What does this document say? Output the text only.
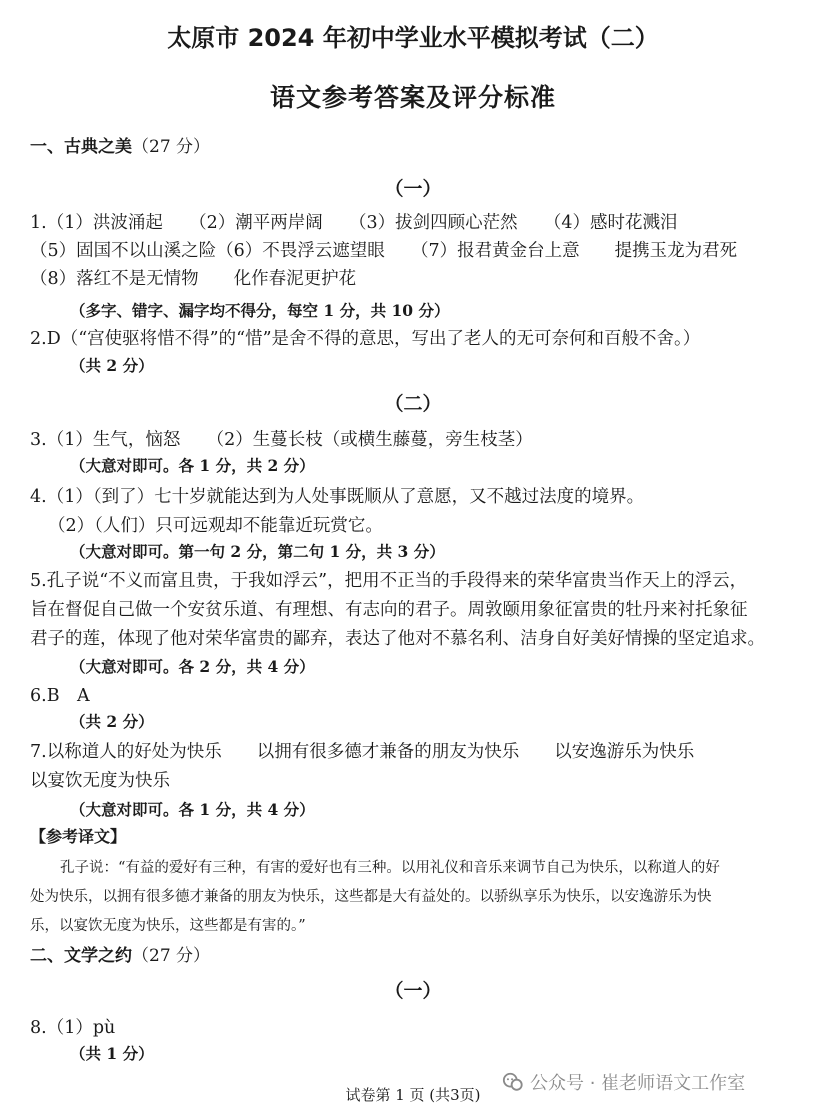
太原市 2024 年初中学业水平模拟考试（二）
语文参考答案及评分标准
一、古典之美（27 分）
（一）
1.（1）洪波涌起　　（2）潮平两岸阔　　（3）拔剑四顾心茫然　　（4）感时花溅泪
（5）固国不以山溪之险（6）不畏浮云遮望眼　　（7）报君黄金台上意　　提携玉龙为君死
（8）落红不是无情物　　化作春泥更护花
（多字、错字、漏字均不得分，每空 1 分，共 10 分）
2.D（“宫使驱将惜不得”的“惜”是舍不得的意思，写出了老人的无可奈何和百般不舍。）
（共 2 分）
（二）
3.（1）生气，恼怒　　（2）生蔓长枝（或横生藤蔓，旁生枝茎）
（大意对即可。各 1 分，共 2 分）
4.（1）（到了）七十岁就能达到为人处事既顺从了意愿，又不越过法度的境界。
（2）（人们）只可远观却不能靠近玩赏它。
（大意对即可。第一句 2 分，第二句 1 分，共 3 分）
5.孔子说“不义而富且贵，于我如浮云”，把用不正当的手段得来的荣华富贵当作天上的浮云，
旨在督促自己做一个安贫乐道、有理想、有志向的君子。周敦颐用象征富贵的牡丹来衬托象征
君子的莲，体现了他对荣华富贵的鄙弃，表达了他对不慕名利、洁身自好美好情操的坚定追求。
（大意对即可。各 2 分，共 4 分）
6.B　A
（共 2 分）
7.以称道人的好处为快乐　　以拥有很多德才兼备的朋友为快乐　　以安逸游乐为快乐
以宴饮无度为快乐
（大意对即可。各 1 分，共 4 分）
【参考译文】
孔子说：“有益的爱好有三种，有害的爱好也有三种。以用礼仪和音乐来调节自己为快乐，以称道人的好
处为快乐，以拥有很多德才兼备的朋友为快乐，这些都是大有益处的。以骄纵享乐为快乐，以安逸游乐为快
乐，以宴饮无度为快乐，这些都是有害的。”
二、文学之约（27 分）
（一）
8.（1）pù
（共 1 分）
试卷第 1 页 (共3页)
公众号 · 崔老师语文工作室
